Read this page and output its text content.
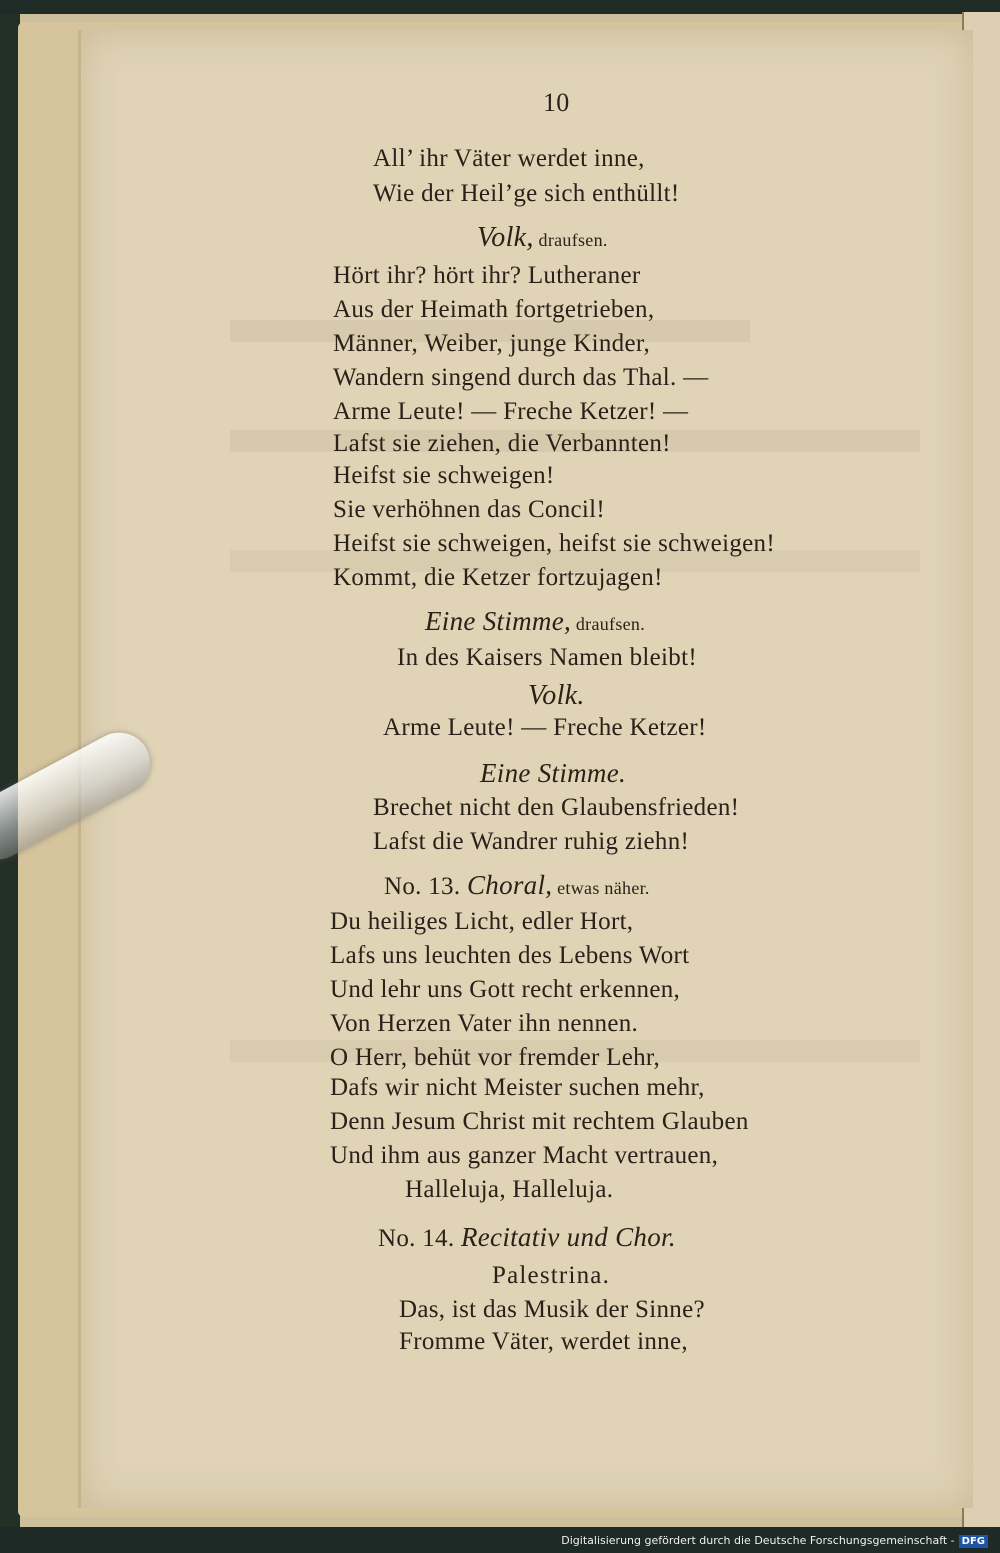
10
All’ ihr Väter werdet inne,
Wie der Heil’ge sich enthüllt!
Volk, draufsen.
Hört ihr? hört ihr? Lutheraner
Aus der Heimath fortgetrieben,
Männer, Weiber, junge Kinder,
Wandern singend durch das Thal. —
Arme Leute! — Freche Ketzer! —
Lafst sie ziehen, die Verbannten!
Heifst sie schweigen!
Sie verhöhnen das Concil!
Heifst sie schweigen, heifst sie schweigen!
Kommt, die Ketzer fortzujagen!
Eine Stimme, draufsen.
In des Kaisers Namen bleibt!
Volk.
Arme Leute! — Freche Ketzer!
Eine Stimme.
Brechet nicht den Glaubensfrieden!
Lafst die Wandrer ruhig ziehn!
No. 13. Choral, etwas näher.
Du heiliges Licht, edler Hort,
Lafs uns leuchten des Lebens Wort
Und lehr uns Gott recht erkennen,
Von Herzen Vater ihn nennen.
O Herr, behüt vor fremder Lehr,
Dafs wir nicht Meister suchen mehr,
Denn Jesum Christ mit rechtem Glauben
Und ihm aus ganzer Macht vertrauen,
Halleluja, Halleluja.
No. 14. Recitativ und Chor.
Palestrina.
Das, ist das Musik der Sinne?
Fromme Väter, werdet inne,
Digitalisierung gefördert durch die Deutsche Forschungsgemeinschaft - DFG
